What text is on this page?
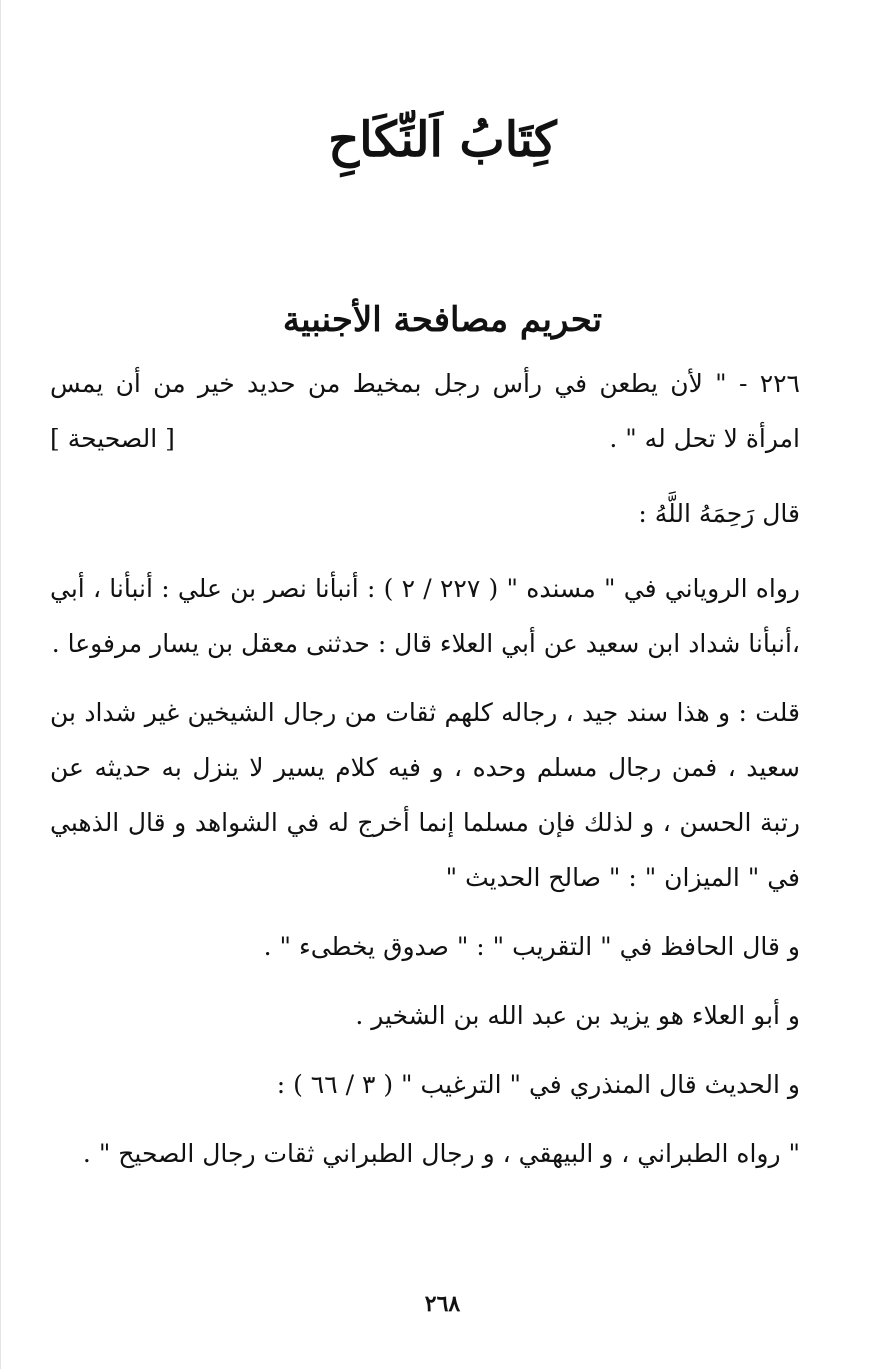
كِتَابُ اَلنِّكَاحِ
تحريم مصافحة الأجنبية

٢٢٦ - " لأن يطعن في رأس رجل بمخيط من حديد خير من أن يمس

امرأة لا تحل له " .
[ الصحيحة ]

قال رَحِمَهُ اللَّهُ :

رواه الروياني في " مسنده " ( ٢٢٧ / ٢ ) : أنبأنا نصر بن علي : أنبأنا ، أبي ،أنبأنا شداد ابن سعيد عن أبي العلاء قال : حدثنى معقل بن يسار مرفوعا .

قلت : و هذا سند جيد ، رجاله كلهم ثقات من رجال الشيخين غير شداد بن سعيد ، فمن رجال مسلم وحده ، و فيه كلام يسير لا ينزل به حديثه عن رتبة الحسن ، و لذلك فإن مسلما إنما أخرج له في الشواهد و قال الذهبي في " الميزان " : " صالح الحديث "

و قال الحافظ في " التقريب " : " صدوق يخطىء " .

و أبو العلاء هو يزيد بن عبد الله بن الشخير .

و الحديث قال المنذري في " الترغيب " ( ٣ / ٦٦ ) :

" رواه الطبراني ، و البيهقي ، و رجال الطبراني ثقات رجال الصحيح " .

٢٦٨
